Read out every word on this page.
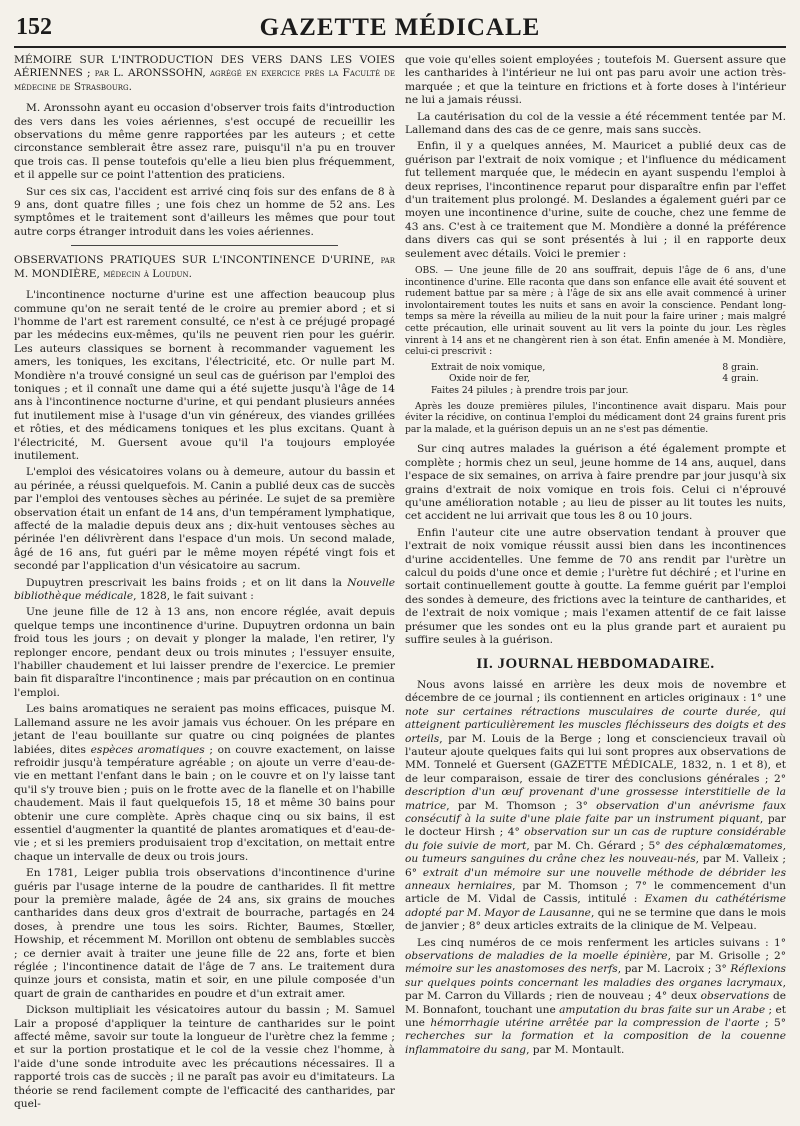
152	GAZETTE MÉDICALE

MÉMOIRE SUR L'INTRODUCTION DES VERS DANS LES VOIES AÉRIENNES ; par L. ARONSSOHN, agrégé en exercice près la Faculté de médecine de Strasbourg.

M. Aronssohn ayant eu occasion d'observer trois faits d'introduction des vers dans les voies aériennes, s'est occupé de recueillir les observations du même genre rapportées par les auteurs ; et cette circonstance semblerait être assez rare, puisqu'il n'a pu en trouver que trois cas. Il pense toutefois qu'elle a lieu bien plus fréquemment, et il appelle sur ce point l'attention des praticiens.

Sur ces six cas, l'accident est arrivé cinq fois sur des enfans de 8 à 9 ans, dont quatre filles ; une fois chez un homme de 52 ans. Les symptômes et le traitement sont d'ailleurs les mêmes que pour tout autre corps étranger introduit dans les voies aériennes.

OBSERVATIONS PRATIQUES SUR L'INCONTINENCE D'URINE, par M. MONDIÈRE, médecin à Loudun.

L'incontinence nocturne d'urine est une affection beaucoup plus commune qu'on ne serait tenté de le croire au premier abord ; et si l'homme de l'art est rarement consulté, ce n'est à ce préjugé propagé par les médecins eux-mêmes, qu'ils ne peuvent rien pour les guérir. Les auteurs classiques se bornent à recommander vaguement les amers, les toniques, les excitans, l'électricité, etc. Or nulle part M. Mondière n'a trouvé consigné un seul cas de guérison par l'emploi des toniques ; et il connaît une dame qui a été sujette jusqu'à l'âge de 14 ans à l'incontinence nocturne d'urine, et qui pendant plusieurs années fut inutilement mise à l'usage d'un vin généreux, des viandes grillées et rôties, et des médicamens toniques et les plus excitans. Quant à l'électricité, M. Guersent avoue qu'il l'a toujours employée inutilement.

L'emploi des vésicatoires volans ou à demeure, autour du bassin et au périnée, a réussi quelquefois. M. Canin a publié deux cas de succès par l'emploi des ventouses sèches au périnée. Le sujet de sa première observation était un enfant de 14 ans, d'un tempérament lymphatique, affecté de la maladie depuis deux ans ; dix-huit ventouses sèches au périnée l'en délivrèrent dans l'espace d'un mois. Un second malade, âgé de 16 ans, fut guéri par le même moyen répété vingt fois et secondé par l'application d'un vésicatoire au sacrum.

Dupuytren prescrivait les bains froids ; et on lit dans la Nouvelle bibliothèque médicale, 1828, le fait suivant :

Une jeune fille de 12 à 13 ans, non encore réglée, avait depuis quelque temps une incontinence d'urine. Dupuytren ordonna un bain froid tous les jours ; on devait y plonger la malade, l'en retirer, l'y replonger encore, pendant deux ou trois minutes ; l'essuyer ensuite, l'habiller chaudement et lui laisser prendre de l'exercice. Le premier bain fit disparaître l'incontinence ; mais par précaution on en continua l'emploi.

Les bains aromatiques ne seraient pas moins efficaces, puisque M. Lallemand assure ne les avoir jamais vus échouer. On les prépare en jetant de l'eau bouillante sur quatre ou cinq poignées de plantes labiées, dites espèces aromatiques ; on couvre exactement, on laisse refroidir jusqu'à température agréable ; on ajoute un verre d'eau-de-vie en mettant l'enfant dans le bain ; on le couvre et on l'y laisse tant qu'il s'y trouve bien ; puis on le frotte avec de la flanelle et on l'habille chaudement. Mais il faut quelquefois 15, 18 et même 30 bains pour obtenir une cure complète. Après chaque cinq ou six bains, il est essentiel d'augmenter la quantité de plantes aromatiques et d'eau-de-vie ; et si les premiers produisaient trop d'excitation, on mettait entre chaque un intervalle de deux ou trois jours.

En 1781, Leiger publia trois observations d'incontinence d'urine guéris par l'usage interne de la poudre de cantharides. Il fit mettre pour la première malade, âgée de 24 ans, six grains de mouches cantharides dans deux gros d'extrait de bourrache, partagés en 24 doses, à prendre une tous les soirs. Richter, Baumes, Stœller, Howship, et récemment M. Morillon ont obtenu de semblables succès ; ce dernier avait à traiter une jeune fille de 22 ans, forte et bien réglée ; l'incontinence datait de l'âge de 7 ans. Le traitement dura quinze jours et consista, matin et soir, en une pilule composée d'un quart de grain de cantharides en poudre et d'un extrait amer.

Dickson multipliait les vésicatoires autour du bassin ; M. Samuel Lair a proposé d'appliquer la teinture de cantharides sur le point affecté même, savoir sur toute la longueur de l'urètre chez la femme ; et sur la portion prostatique et le col de la vessie chez l'homme, à l'aide d'une sonde introduite avec les précautions nécessaires. Il a rapporté trois cas de succès ; il ne paraît pas avoir eu d'imitateurs. La théorie se rend facilement compte de l'efficacité des cantharides, par quel-

que voie qu'elles soient employées ; toutefois M. Guersent assure que les cantharides à l'intérieur ne lui ont pas paru avoir une action très-marquée ; et que la teinture en frictions et à forte doses à l'intérieur ne lui a jamais réussi.

La cautérisation du col de la vessie a été récemment tentée par M. Lallemand dans des cas de ce genre, mais sans succès.

Enfin, il y a quelques années, M. Mauricet a publié deux cas de guérison par l'extrait de noix vomique ; et l'influence du médicament fut tellement marquée que, le médecin en ayant suspendu l'emploi à deux reprises, l'incontinence reparut pour disparaître enfin par l'effet d'un traitement plus prolongé. M. Deslandes a également guéri par ce moyen une incontinence d'urine, suite de couche, chez une femme de 43 ans. C'est à ce traitement que M. Mondière a donné la préférence dans divers cas qui se sont présentés à lui ; il en rapporte deux seulement avec détails. Voici le premier :

OBS. — Une jeune fille de 20 ans souffrait, depuis l'âge de 6 ans, d'une incontinence d'urine. Elle raconta que dans son enfance elle avait été souvent et rudement battue par sa mère ; à l'âge de six ans elle avait commencé à uriner involontairement toutes les nuits et sans en avoir la conscience. Pendant long-temps sa mère la réveilla au milieu de la nuit pour la faire uriner ; mais malgré cette précaution, elle urinait souvent au lit vers la pointe du jour. Les règles vinrent à 14 ans et ne changèrent rien à son état. Enfin amenée à M. Mondière, celui-ci prescrivit :

Extrait de noix vomique,	8 grain.
Oxide noir de fer,	4 grain.
Faites 24 pilules ; à prendre trois par jour.

Après les douze premières pilules, l'incontinence avait disparu. Mais pour éviter la récidive, on continua l'emploi du médicament dont 24 grains furent pris par la malade, et la guérison depuis un an ne s'est pas démentie.

Sur cinq autres malades la guérison a été également prompte et complète ; hormis chez un seul, jeune homme de 14 ans, auquel, dans l'espace de six semaines, on arriva à faire prendre par jour jusqu'à six grains d'extrait de noix vomique en trois fois. Celui ci n'éprouvé qu'une amélioration notable ; au lieu de pisser au lit toutes les nuits, cet accident ne lui arrivait que tous les 8 ou 10 jours.

Enfin l'auteur cite une autre observation tendant à prouver que l'extrait de noix vomique réussit aussi bien dans les incontinences d'urine accidentelles. Une femme de 70 ans rendit par l'urètre un calcul du poids d'une once et demie ; l'urètre fut déchiré ; et l'urine en sortait continuellement goutte à goutte. La femme guérit par l'emploi des sondes à demeure, des frictions avec la teinture de cantharides, et de l'extrait de noix vomique ; mais l'examen attentif de ce fait laisse présumer que les sondes ont eu la plus grande part et auraient pu suffire seules à la guérison.

II. JOURNAL HEBDOMADAIRE.

Nous avons laissé en arrière les deux mois de novembre et décembre de ce journal ; ils contiennent en articles originaux : 1° une note sur certaines rétractions musculaires de courte durée, qui atteignent particulièrement les muscles fléchisseurs des doigts et des orteils, par M. Louis de la Berge ; long et consciencieux travail où l'auteur ajoute quelques faits qui lui sont propres aux observations de MM. Tonnelé et Guersent (GAZETTE MÉDICALE, 1832, n. 1 et 8), et de leur comparaison, essaie de tirer des conclusions générales ; 2° description d'un œuf provenant d'une grossesse interstitielle de la matrice, par M. Thomson ; 3° observation d'un anévrisme faux consécutif à la suite d'une plaie faite par un instrument piquant, par le docteur Hirsh ; 4° observation sur un cas de rupture considérable du foie suivie de mort, par M. Ch. Gérard ; 5° des céphalœmatomes, ou tumeurs sanguines du crâne chez les nouveau-nés, par M. Valleix ; 6° extrait d'un mémoire sur une nouvelle méthode de débrider les anneaux herniaires, par M. Thomson ; 7° le commencement d'un article de M. Vidal de Cassis, intitulé : Examen du cathétérisme adopté par M. Mayor de Lausanne, qui ne se termine que dans le mois de janvier ; 8° deux articles extraits de la clinique de M. Velpeau.

Les cinq numéros de ce mois renferment les articles suivans : 1° observations de maladies de la moelle épinière, par M. Grisolle ; 2° mémoire sur les anastomoses des nerfs, par M. Lacroix ; 3° Réflexions sur quelques points concernant les maladies des organes lacrymaux, par M. Carron du Villards ; rien de nouveau ; 4° deux observations de M. Bonnafont, touchant une amputation du bras faite sur un Arabe ; et une hémorrhagie utérine arrêtée par la compression de l'aorte ; 5° recherches sur la formation et la composition de la couenne inflammatoire du sang, par M. Montault.
